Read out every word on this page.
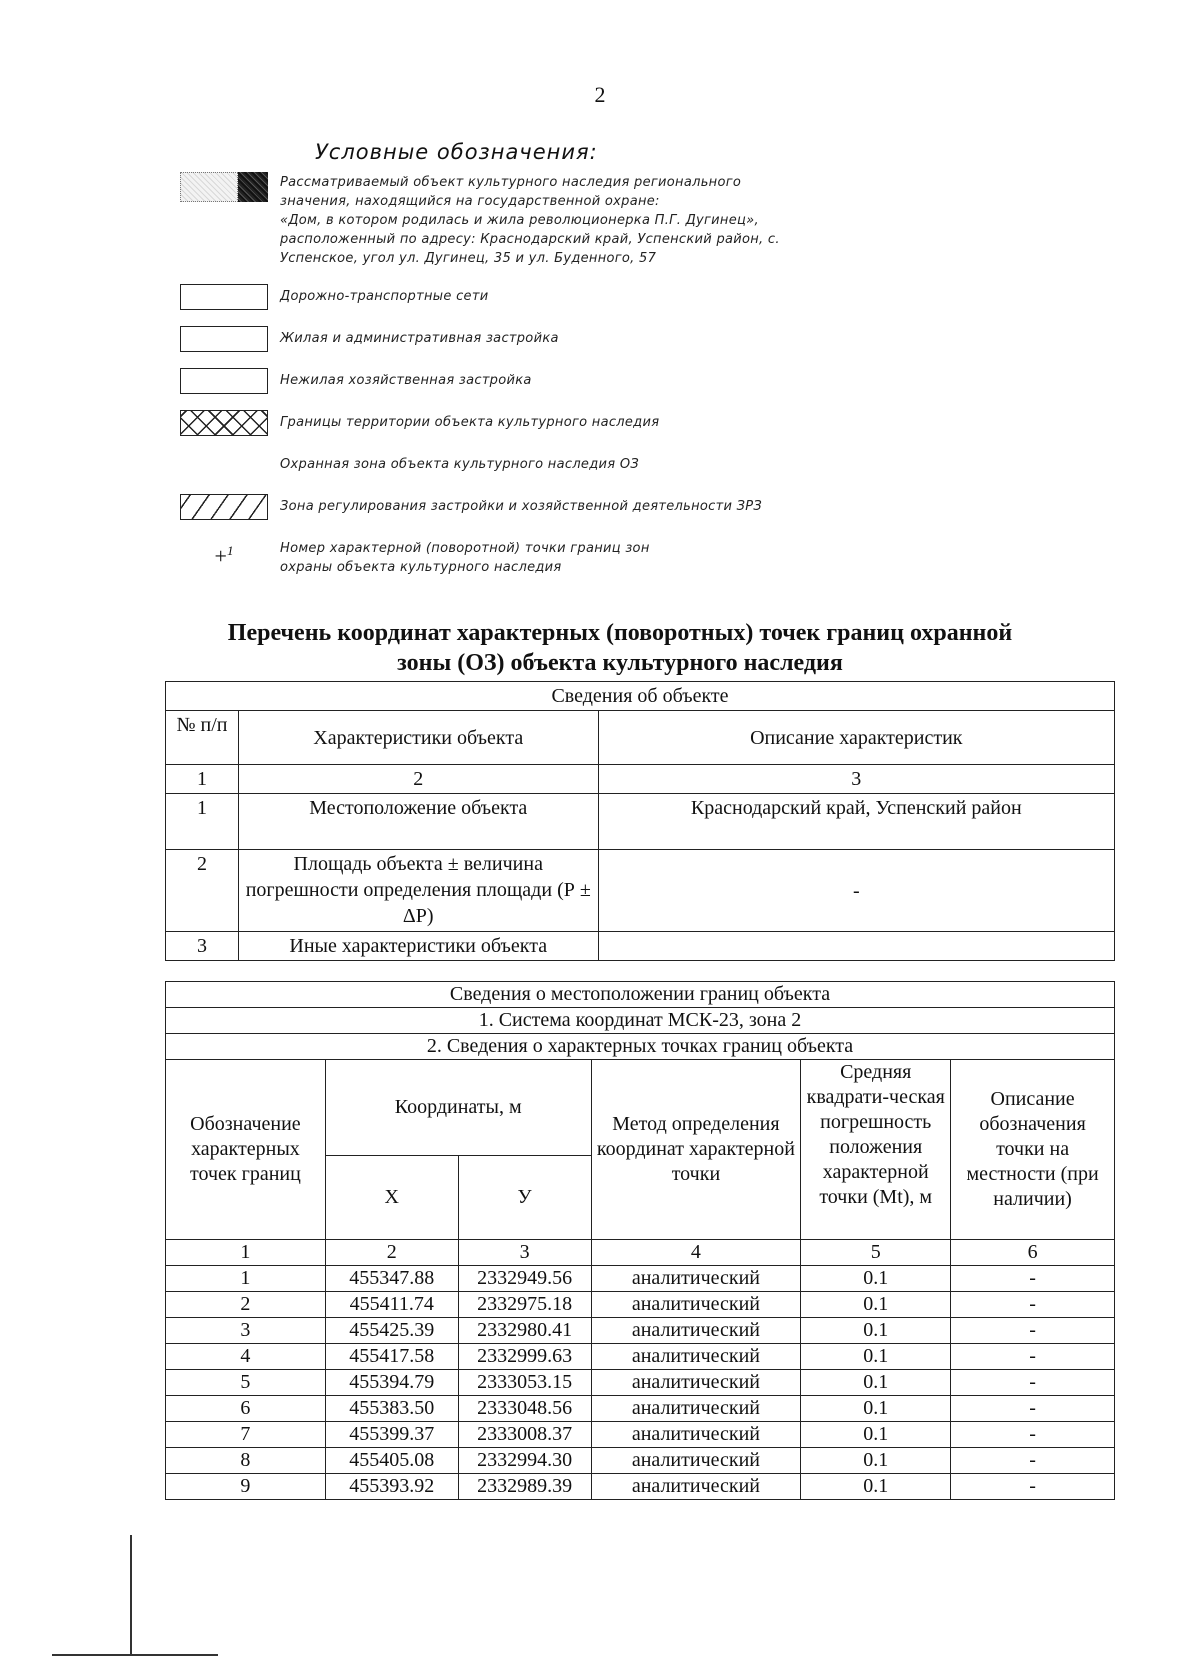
2
Условные обозначения:
Рассматриваемый объект культурного наследия регионального
значения, находящийся на государственной охране:
«Дом, в котором родилась и жила революционерка П.Г. Дугинец»,
расположенный по адресу: Краснодарский край, Успенский район, с.
Успенское, угол ул. Дугинец, 35 и ул. Буденного, 57
Дорожно-транспортные сети
Жилая и административная застройка
Нежилая хозяйственная застройка
Границы территории объекта культурного наследия
Охранная зона объекта культурного наследия ОЗ
Зона регулирования застройки и хозяйственной деятельности ЗРЗ
+$^1$	Номер характерной (поворотной) точки границ зон
охраны объекта культурного наследия
Перечень координат характерных (поворотных) точек границ охранной
зоны (ОЗ) объекта культурного наследия
Сведения об объекте		
№ п/п	Характеристики объекта	Описание характеристик
1	2	3
1	Местоположение объекта	Краснодарский край, Успенский район
2	Площадь объекта ± величина погрешности определения площади (Р ± ΔР)	-
3	Иные характеристики объекта	
Сведения о местоположении границ объекта					
1. Система координат МСК-23, зона 2					
2. Сведения о характерных точках границ объекта					
Обозначение характерных точек границ	Координаты, м		Метод определения координат характерной точки	Средняя квадрати-ческая погрешность положения характерной точки (Mt), м	Описание обозначения точки на местности (при наличии)
	X	У			
1	2	3	4	5	6
1	455347.88	2332949.56	аналитический	0.1	-
2	455411.74	2332975.18	аналитический	0.1	-
3	455425.39	2332980.41	аналитический	0.1	-
4	455417.58	2332999.63	аналитический	0.1	-
5	455394.79	2333053.15	аналитический	0.1	-
6	455383.50	2333048.56	аналитический	0.1	-
7	455399.37	2333008.37	аналитический	0.1	-
8	455405.08	2332994.30	аналитический	0.1	-
9	455393.92	2332989.39	аналитический	0.1	-
